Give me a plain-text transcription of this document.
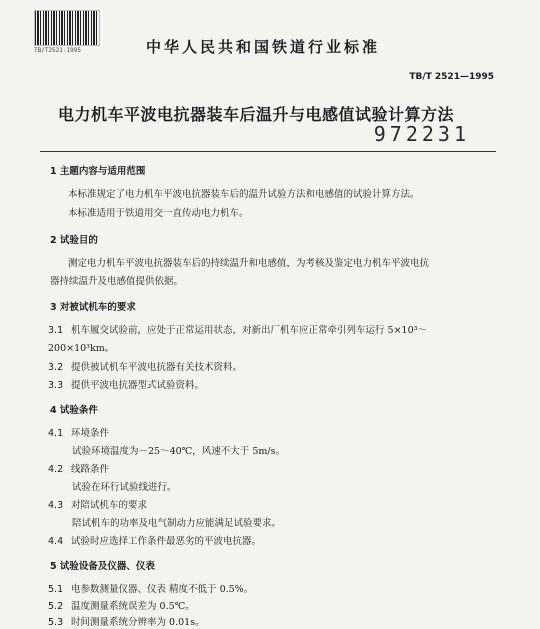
TB/T2521-1995	中华人民共和国铁道行业标准
TB/T 2521—1995
电力机车平波电抗器装车后温升与电感值试验计算方法
972231
1 主题内容与适用范围
本标准规定了电力机车平波电抗器装车后的温升试验方法和电感值的试验计算方法。
本标准适用于铁道用交一直传动电力机车。
2 试验目的
测定电力机车平波电抗器装车后的持续温升和电感值，为考核及鉴定电力机车平波电抗
器持续温升及电感值提供依据。
3 对被试机车的要求
3.1 机车履交试验前，应处于正常运用状态，对新出厂机车应正常牵引列车运行 5×10³～
200×10³km。
3.2 提供被试机车平波电抗器有关技术资料。
3.3 提供平波电抗器型式试验资料。
4 试验条件
4.1 环境条件
试验环境温度为－25～40℃，风速不大于 5m/s。
4.2 线路条件
试验在环行试验线进行。
4.3 对陪试机车的要求
陪试机车的功率及电气制动力应能满足试验要求。
4.4 试验时应选择工作条件最恶劣的平波电抗器。
5 试验设备及仪器、仪表
5.1 电参数测量仪器、仪表 精度不低于 0.5%。
5.2 温度测量系统误差为 0.5℃。
5.3 时间测量系统分辨率为 0.01s。
